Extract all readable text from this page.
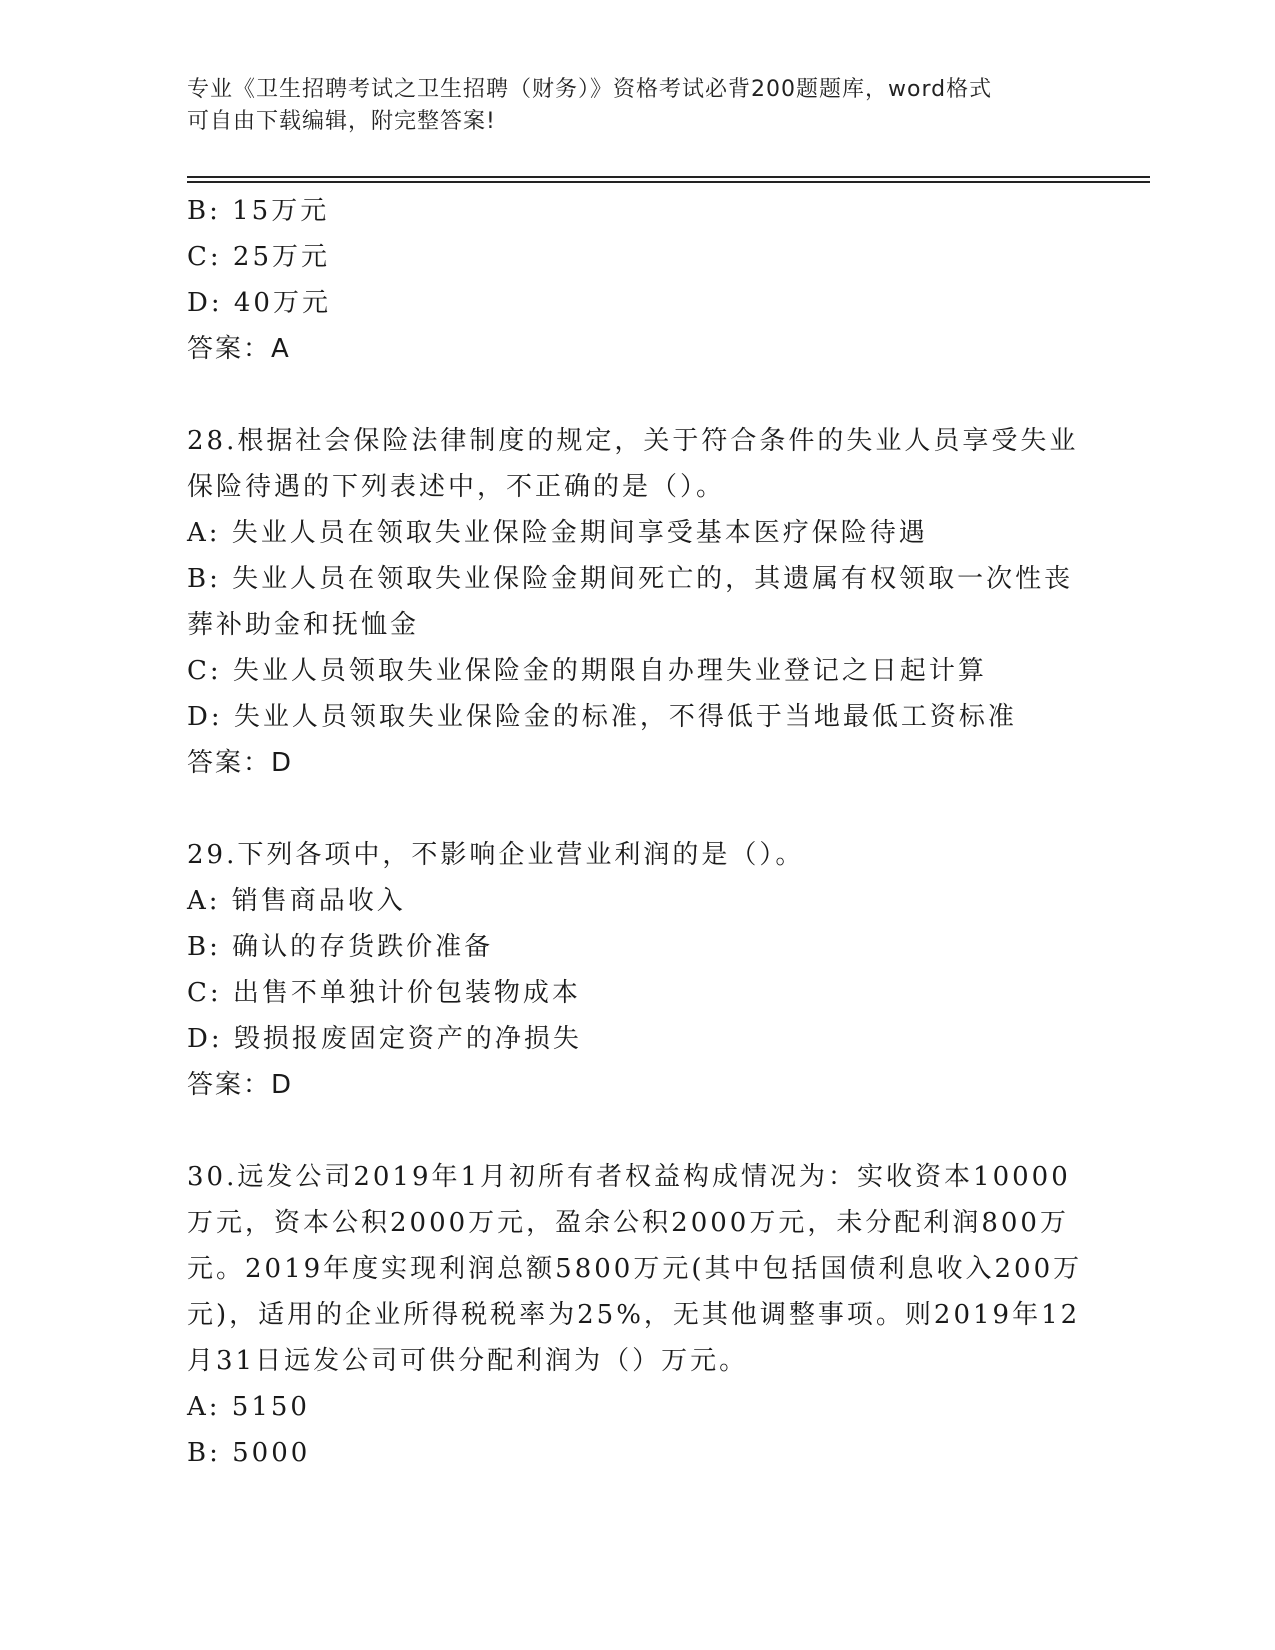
专业《卫生招聘考试之卫生招聘（财务）》资格考试必背200题题库，word格式
可自由下载编辑，附完整答案!
B: 15万元
C: 25万元
D: 40万元
答案：A
28.根据社会保险法律制度的规定，关于符合条件的失业人员享受失业
保险待遇的下列表述中，不正确的是（）。
A: 失业人员在领取失业保险金期间享受基本医疗保险待遇
B: 失业人员在领取失业保险金期间死亡的，其遗属有权领取一次性丧
葬补助金和抚恤金
C: 失业人员领取失业保险金的期限自办理失业登记之日起计算
D: 失业人员领取失业保险金的标准，不得低于当地最低工资标准
答案：D
29.下列各项中，不影响企业营业利润的是（）。
A: 销售商品收入
B: 确认的存货跌价准备
C: 出售不单独计价包装物成本
D: 毁损报废固定资产的净损失
答案：D
30.远发公司2019年1月初所有者权益构成情况为：实收资本10000
万元，资本公积2000万元，盈余公积2000万元，未分配利润800万
元。2019年度实现利润总额5800万元(其中包括国债利息收入200万
元)，适用的企业所得税税率为25%，无其他调整事项。则2019年12
月31日远发公司可供分配利润为（）万元。
A: 5150
B: 5000
